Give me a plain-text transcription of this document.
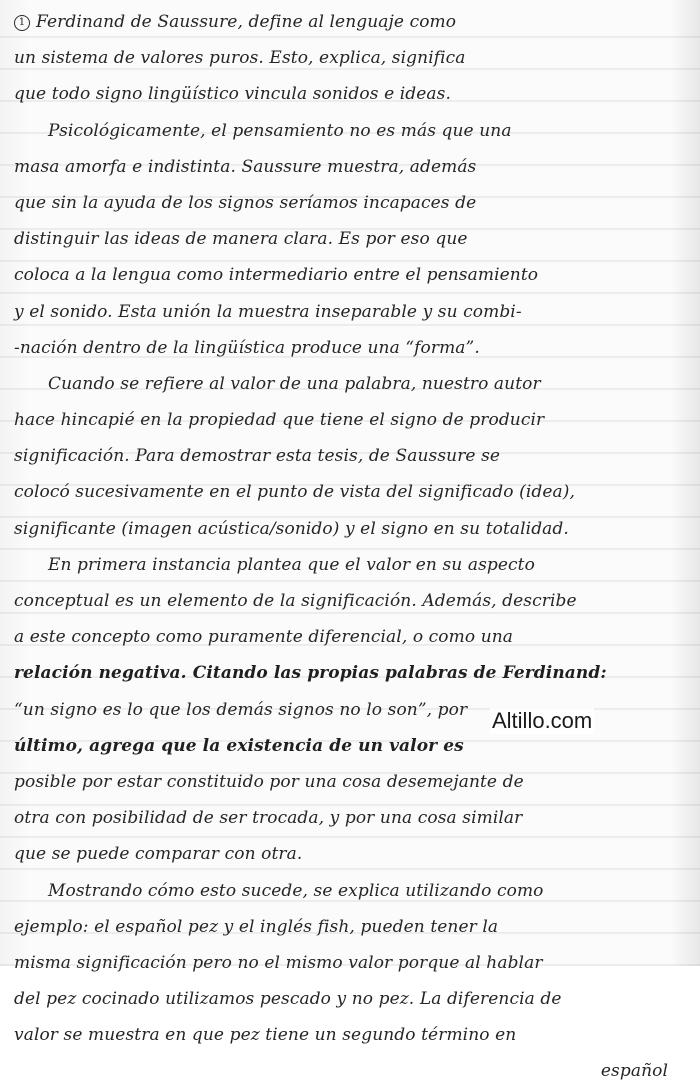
1 Ferdinand de Saussure, define al lenguaje como
un sistema de valores puros. Esto, explica, significa
que todo signo lingüístico vincula sonidos e ideas.
Psicológicamente, el pensamiento no es más que una
masa amorfa e indistinta. Saussure muestra, además
que sin la ayuda de los signos seríamos incapaces de
distinguir las ideas de manera clara. Es por eso que
coloca a la lengua como intermediario entre el pensamiento
y el sonido. Esta unión la muestra inseparable y su combi-
-nación dentro de la lingüística produce una “forma”.
Cuando se refiere al valor de una palabra, nuestro autor
hace hincapié en la propiedad que tiene el signo de producir
significación. Para demostrar esta tesis, de Saussure se
colocó sucesivamente en el punto de vista del significado (idea),
significante (imagen acústica/sonido) y el signo en su totalidad.
En primera instancia plantea que el valor en su aspecto
conceptual es un elemento de la significación. Además, describe
a este concepto como puramente diferencial, o como una
relación negativa. Citando las propias palabras de Ferdinand:
“un signo es lo que los demás signos no lo son”, por
último, agrega que la existencia de un valor es
posible por estar constituido por una cosa desemejante de
otra con posibilidad de ser trocada, y por una cosa similar
que se puede comparar con otra.
Mostrando cómo esto sucede, se explica utilizando como
ejemplo: el español pez y el inglés fish, pueden tener la
misma significación pero no el mismo valor porque al hablar
del pez cocinado utilizamos pescado y no pez. La diferencia de
valor se muestra en que pez tiene un segundo término en
español
Altillo.com
